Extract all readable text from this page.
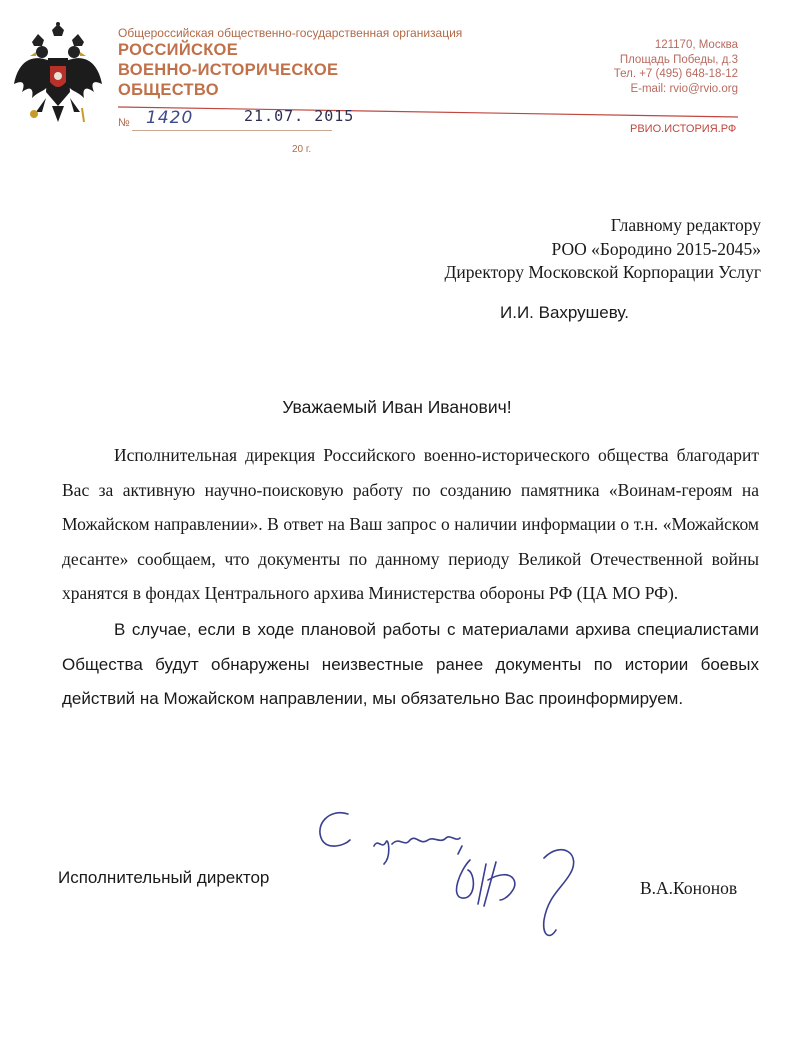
Общероссийская общественно-государственная организация
РОССИЙСКОЕ
ВОЕННО-ИСТОРИЧЕСКОЕ
ОБЩЕСТВО
121170, Москва
Площадь Победы, д.3
Тел. +7 (495) 648-18-12
E-mail: rvio@rvio.org
РВИО.ИСТОРИЯ.РФ
№ 1420	21.07. 2015
20 г.
Главному редактору
РОО «Бородино 2015-2045»
Директору Московской Корпорации Услуг
И.И. Вахрушеву.
Уважаемый Иван Иванович!

Исполнительная дирекция Российского военно-исторического общества благодарит Вас за активную научно-поисковую работу по созданию памятника «Воинам-героям на Можайском направлении». В ответ на Ваш запрос о наличии информации о т.н. «Можайском десанте» сообщаем, что документы по данному периоду Великой Отечественной войны хранятся в фондах Центрального архива Министерства обороны РФ (ЦА МО РФ).

В случае, если в ходе плановой работы с материалами архива специалистами Общества будут обнаружены неизвестные ранее документы по истории боевых действий на Можайском направлении, мы обязательно Вас проинформируем.

Исполнительный директор
В.А.Кононов
